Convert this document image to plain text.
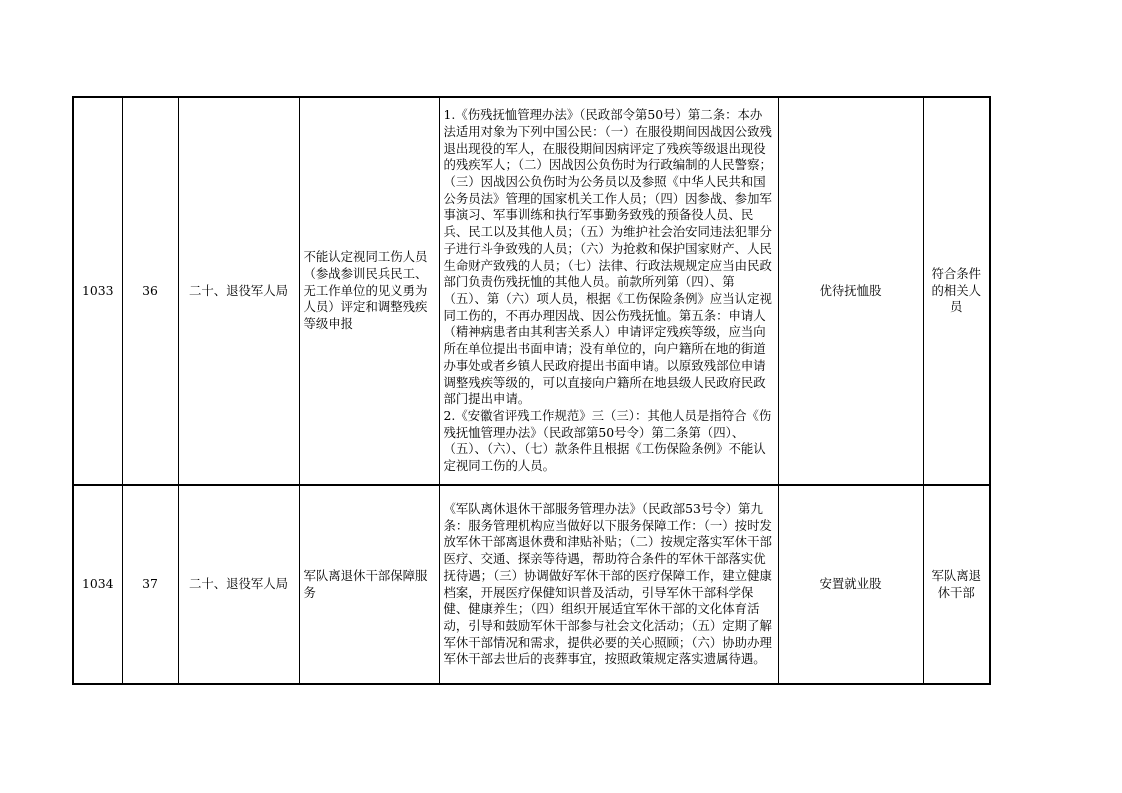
1033	36	二十、退役军人局	不能认定视同工伤人员（参战参训民兵民工、无工作单位的见义勇为人员）评定和调整残疾等级申报	1.《伤残抚恤管理办法》（民政部令第50号）第二条：本办法适用对象为下列中国公民：（一）在服役期间因战因公致残退出现役的军人，在服役期间因病评定了残疾等级退出现役的残疾军人；（二）因战因公负伤时为行政编制的人民警察；（三）因战因公负伤时为公务员以及参照《中华人民共和国公务员法》管理的国家机关工作人员；（四）因参战、参加军事演习、军事训练和执行军事勤务致残的预备役人员、民兵、民工以及其他人员；（五）为维护社会治安同违法犯罪分子进行斗争致残的人员；（六）为抢救和保护国家财产、人民生命财产致残的人员；（七）法律、行政法规规定应当由民政部门负责伤残抚恤的其他人员。前款所列第（四）、第（五）、第（六）项人员，根据《工伤保险条例》应当认定视同工伤的，不再办理因战、因公伤残抚恤。第五条：申请人（精神病患者由其利害关系人）申请评定残疾等级，应当向所在单位提出书面申请；没有单位的，向户籍所在地的街道办事处或者乡镇人民政府提出书面申请。以原致残部位申请调整残疾等级的，可以直接向户籍所在地县级人民政府民政部门提出申请。
2.《安徽省评残工作规范》三（三）：其他人员是指符合《伤残抚恤管理办法》（民政部第50号令）第二条第（四）、（五）、（六）、（七）款条件且根据《工伤保险条例》不能认定视同工伤的人员。	优待抚恤股	符合条件的相关人员
1034	37	二十、退役军人局	军队离退休干部保障服务	《军队离休退休干部服务管理办法》（民政部53号令）第九条：服务管理机构应当做好以下服务保障工作：（一）按时发放军休干部离退休费和津贴补贴；（二）按规定落实军休干部医疗、交通、探亲等待遇，帮助符合条件的军休干部落实优抚待遇；（三）协调做好军休干部的医疗保障工作，建立健康档案，开展医疗保健知识普及活动，引导军休干部科学保健、健康养生；（四）组织开展适宜军休干部的文化体育活动，引导和鼓励军休干部参与社会文化活动；（五）定期了解军休干部情况和需求，提供必要的关心照顾；（六）协助办理军休干部去世后的丧葬事宜，按照政策规定落实遗属待遇。	安置就业股	军队离退休干部
